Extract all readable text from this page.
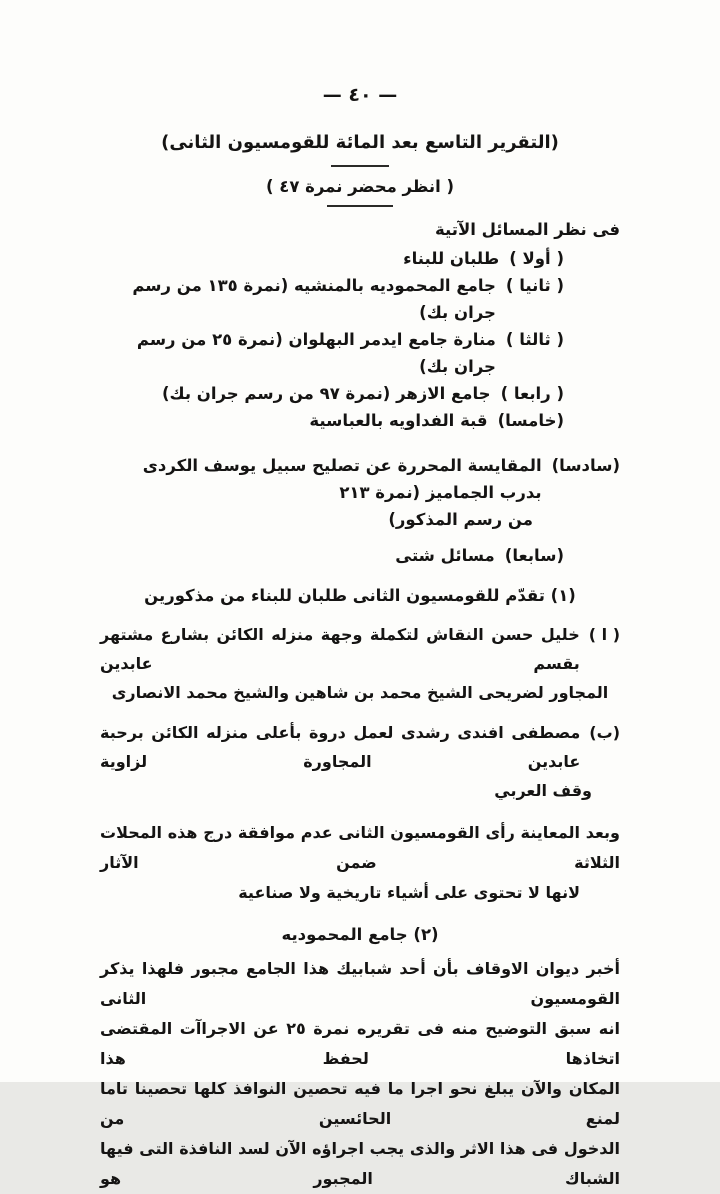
— ٤٠ —
(التقرير التاسع بعد المائة للقومسيون الثانى)
( انظر محضر نمرة ٤٧ )
فى نظر المسائل الآتية
( أولا )
طلبان للبناء
( ثانيا )
جامع المحموديه بالمنشيه (نمرة ١٣٥ من رسم جران بك)
( ثالثا )
منارة جامع ايدمر البهلوان (نمرة ٢٥ من رسم جران بك)
( رابعا )
جامع الازهر (نمرة ٩٧ من رسم جران بك)
(خامسا)
قبة الفداويه بالعباسية
(سادسا)
المقايسة المحررة عن تصليح سبيل يوسف الكردى بدرب الجماميز (نمرة ٢١٣
من رسم المذكور)
(سابعا)
مسائل شتى
(١) تقدّم للقومسيون الثانى طلبان للبناء من مذكورين
( ا )
خليل حسن النقاش لتكملة وجهة منزله الكائن بشارع مشتهر بقسم عابدين
المجاور لضريحى الشيخ محمد بن شاهين والشيخ محمد الانصارى
(ب)
مصطفى افندى رشدى لعمل دروة بأعلى منزله الكائن برحبة عابدين المجاورة لزاوية
وقف العربي
وبعد المعاينة رأى القومسيون الثانى عدم موافقة درج هذه المحلات الثلاثة ضمن الآثار
لانها لا تحتوى على أشياء تاريخية ولا صناعية
(٢) جامع المحموديه
أخبر ديوان الاوقاف بأن أحد شبابيك هذا الجامع مجبور فلهذا يذكر القومسيون الثانى
انه سبق التوضيح منه فى تقريره نمرة ٢٥ عن الاجراآت المقتضى اتخاذها لحفظ هذا
المكان والآن يبلغ نحو اجرا ما فيه تحصين النوافذ كلها تحصينا تاما لمنع الحائسين من
الدخول فى هذا الاثر والذى يجب اجراؤه الآن لسد النافذة التى فيها الشباك المجبور هو
